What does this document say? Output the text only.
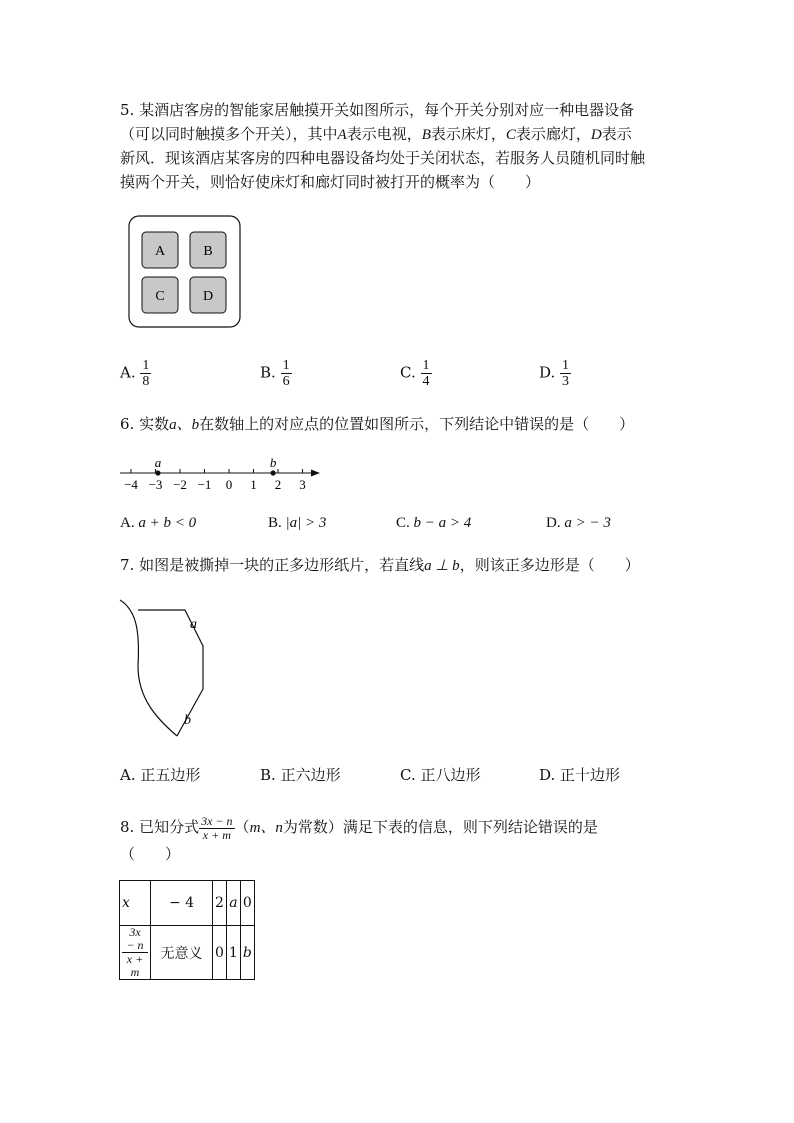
5. 某酒店客房的智能家居触摸开关如图所示，每个开关分别对应一种电器设备
（可以同时触摸多个开关），其中A表示电视，B表示床灯，C表示廊灯，D表示
新风．现该酒店某客房的四种电器设备均处于关闭状态，若服务人员随机同时触
摸两个开关，则恰好使床灯和廊灯同时被打开的概率为（　　）
A	B
C	D
A. $\frac{1}{8}$	B. $\frac{1}{6}$	C. $\frac{1}{4}$	D. $\frac{1}{3}$
6. 实数a、b在数轴上的对应点的位置如图所示，下列结论中错误的是（　　）
−4 −3 −2 −1 0 1 2 3
a	b
A. a + b < 0	B. |a| > 3	C. b − a > 4	D. a > − 3
7. 如图是被撕掉一块的正多边形纸片，若直线a ⊥ b，则该正多边形是（　　）
a
b
A. 正五边形	B. 正六边形	C. 正八边形	D. 正十边形
8. 已知分式 $\frac{3x - n}{x + m} (m$、n为常数）满足下表的信息，则下列结论错误的是
（　　）
x	− 4	2	a	0

$\frac{3x - n}{x + m}$	无意义	0	1	b
